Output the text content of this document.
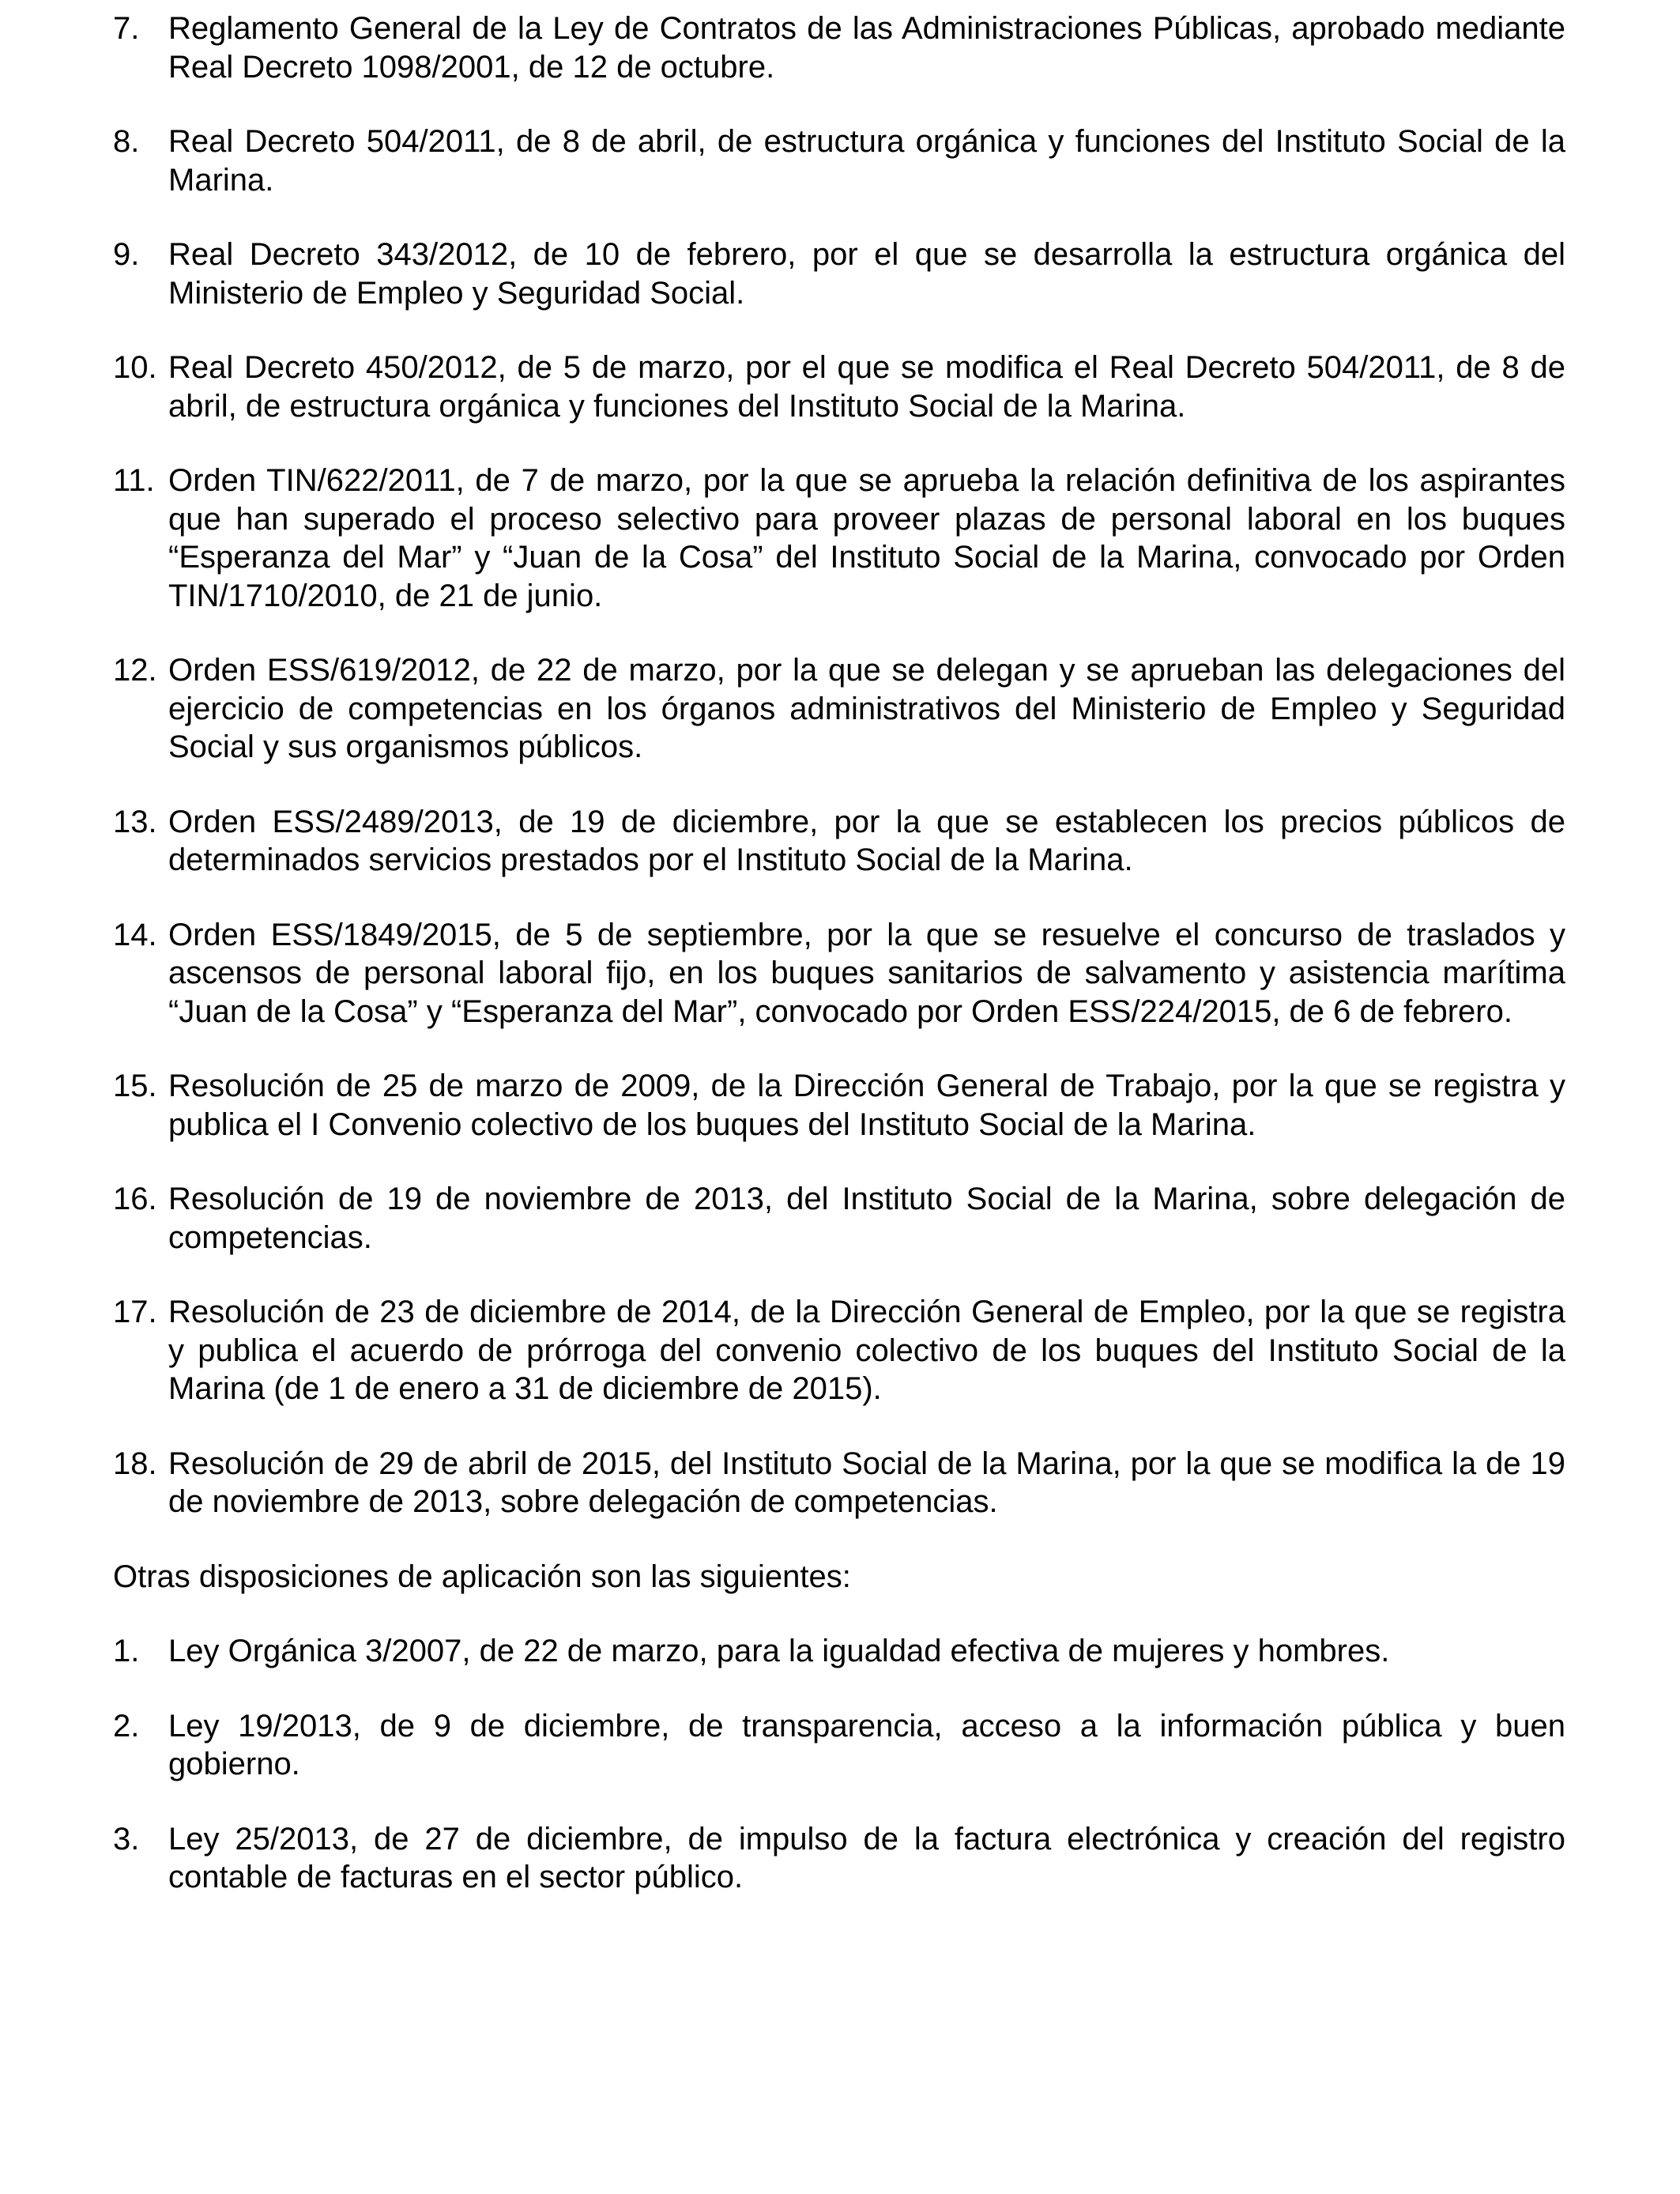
7. Reglamento General de la Ley de Contratos de las Administraciones Públicas, aprobado mediante Real Decreto 1098/2001, de 12 de octubre.
8. Real Decreto 504/2011, de 8 de abril, de estructura orgánica y funciones del Instituto Social de la Marina.
9. Real Decreto 343/2012, de 10 de febrero, por el que se desarrolla la estructura orgánica del Ministerio de Empleo y Seguridad Social.
10. Real Decreto 450/2012, de 5 de marzo, por el que se modifica el Real Decreto 504/2011, de 8 de abril, de estructura orgánica y funciones del Instituto Social de la Marina.
11. Orden TIN/622/2011, de 7 de marzo, por la que se aprueba la relación definitiva de los aspirantes que han superado el proceso selectivo para proveer plazas de personal laboral en los buques “Esperanza del Mar” y “Juan de la Cosa” del Instituto Social de la Marina, convocado por Orden TIN/1710/2010, de 21 de junio.
12. Orden ESS/619/2012, de 22 de marzo, por la que se delegan y se aprueban las delegaciones del ejercicio de competencias en los órganos administrativos del Ministerio de Empleo y Seguridad Social y sus organismos públicos.
13. Orden ESS/2489/2013, de 19 de diciembre, por la que se establecen los precios públicos de determinados servicios prestados por el Instituto Social de la Marina.
14. Orden ESS/1849/2015, de 5 de septiembre, por la que se resuelve el concurso de traslados y ascensos de personal laboral fijo, en los buques sanitarios de salvamento y asistencia marítima “Juan de la Cosa” y “Esperanza del Mar”, convocado por Orden ESS/224/2015, de 6 de febrero.
15. Resolución de 25 de marzo de 2009, de la Dirección General de Trabajo, por la que se registra y publica el I Convenio colectivo de los buques del Instituto Social de la Marina.
16. Resolución de 19 de noviembre de 2013, del Instituto Social de la Marina, sobre delegación de competencias.
17. Resolución de 23 de diciembre de 2014, de la Dirección General de Empleo, por la que se registra y publica el acuerdo de prórroga del convenio colectivo de los buques del Instituto Social de la Marina (de 1 de enero a 31 de diciembre de 2015).
18. Resolución de 29 de abril de 2015, del Instituto Social de la Marina, por la que se modifica la de 19 de noviembre de 2013, sobre delegación de competencias.

Otras disposiciones de aplicación son las siguientes:

1. Ley Orgánica 3/2007, de 22 de marzo, para la igualdad efectiva de mujeres y hombres.
2. Ley 19/2013, de 9 de diciembre, de transparencia, acceso a la información pública y buen gobierno.
3. Ley 25/2013, de 27 de diciembre, de impulso de la factura electrónica y creación del registro contable de facturas en el sector público.
